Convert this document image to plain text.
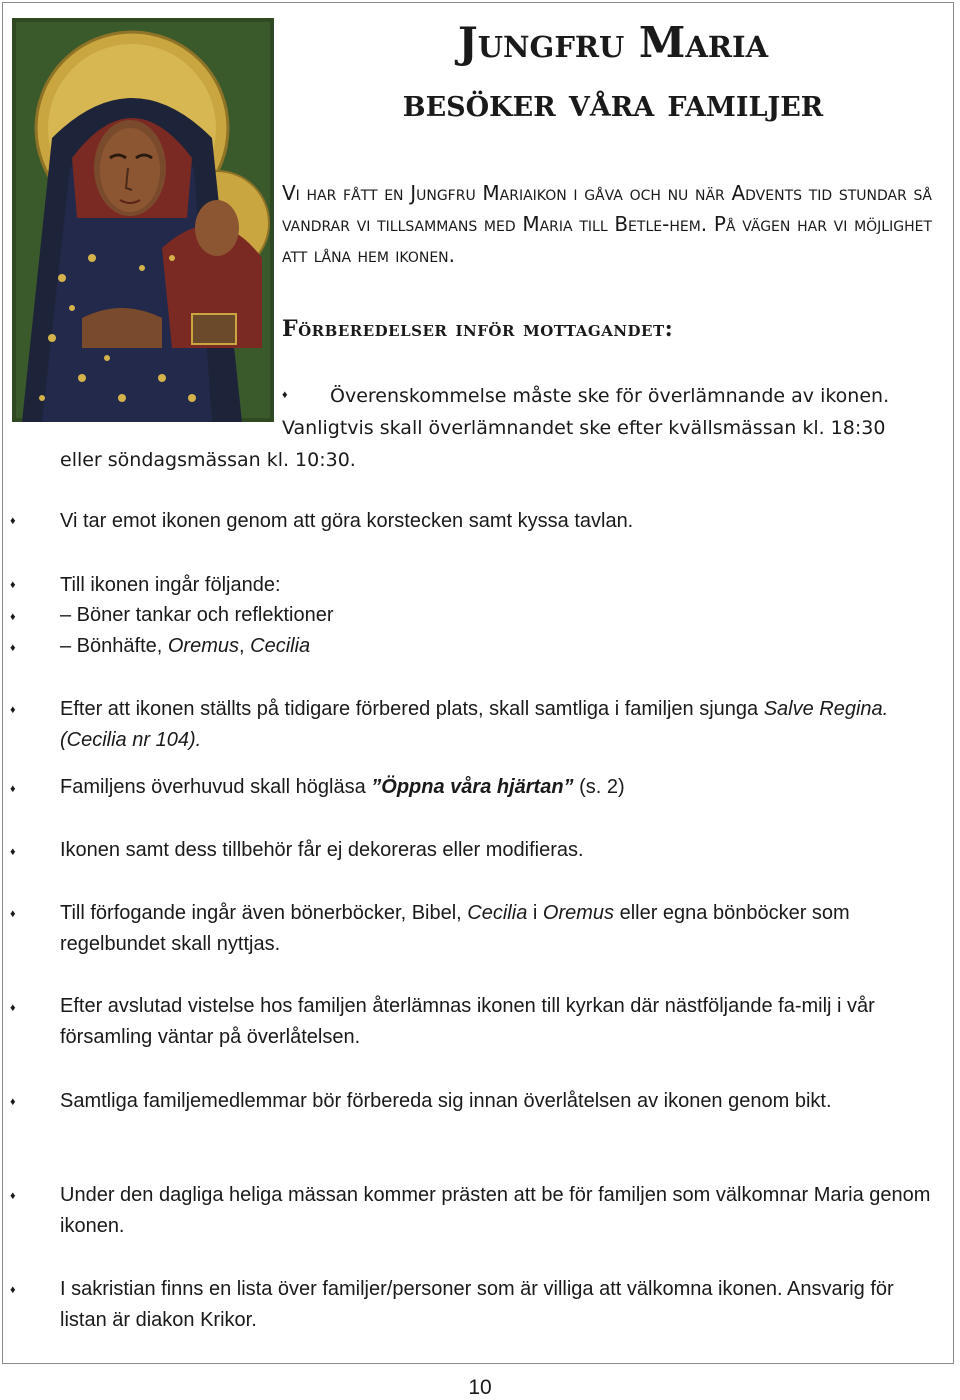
Jungfru Maria
besöker våra familjer

Vi har fått en Jungfru Mariaikon i gåva och nu när Advents tid stundar så vandrar vi tillsammans med Maria till Betle-hem. På vägen har vi möjlighet att låna hem ikonen.

Förberedelser inför mottagandet:
♦ Överenskommelse måste ske för överlämnande av ikonen.

Vanligtvis skall överlämnandet ske efter kvällsmässan kl. 18:30

eller söndagsmässan kl. 10:30.

♦ Vi tar emot ikonen genom att göra korstecken samt kyssa tavlan.

♦ Till ikonen ingår följande:

♦ – Böner tankar och reflektioner

♦ – Bönhäfte, Oremus, Cecilia

♦ Efter att ikonen ställts på tidigare förbered plats, skall samtliga i familjen sjunga Salve Regina. (Cecilia nr 104).

♦ Familjens överhuvud skall högläsa ”Öppna våra hjärtan” (s. 2)

♦ Ikonen samt dess tillbehör får ej dekoreras eller modifieras.

♦ Till förfogande ingår även bönerböcker, Bibel, Cecilia i Oremus eller egna bönböcker som regelbundet skall nyttjas.

♦ Efter avslutad vistelse hos familjen återlämnas ikonen till kyrkan där nästföljande fa-milj i vår församling väntar på överlåtelsen.

♦ Samtliga familjemedlemmar bör förbereda sig innan överlåtelsen av ikonen genom bikt.

♦ Under den dagliga heliga mässan kommer prästen att be för familjen som välkomnar Maria genom ikonen.

♦ I sakristian finns en lista över familjer/personer som är villiga att välkomna ikonen. Ansvarig för listan är diakon Krikor.

10
